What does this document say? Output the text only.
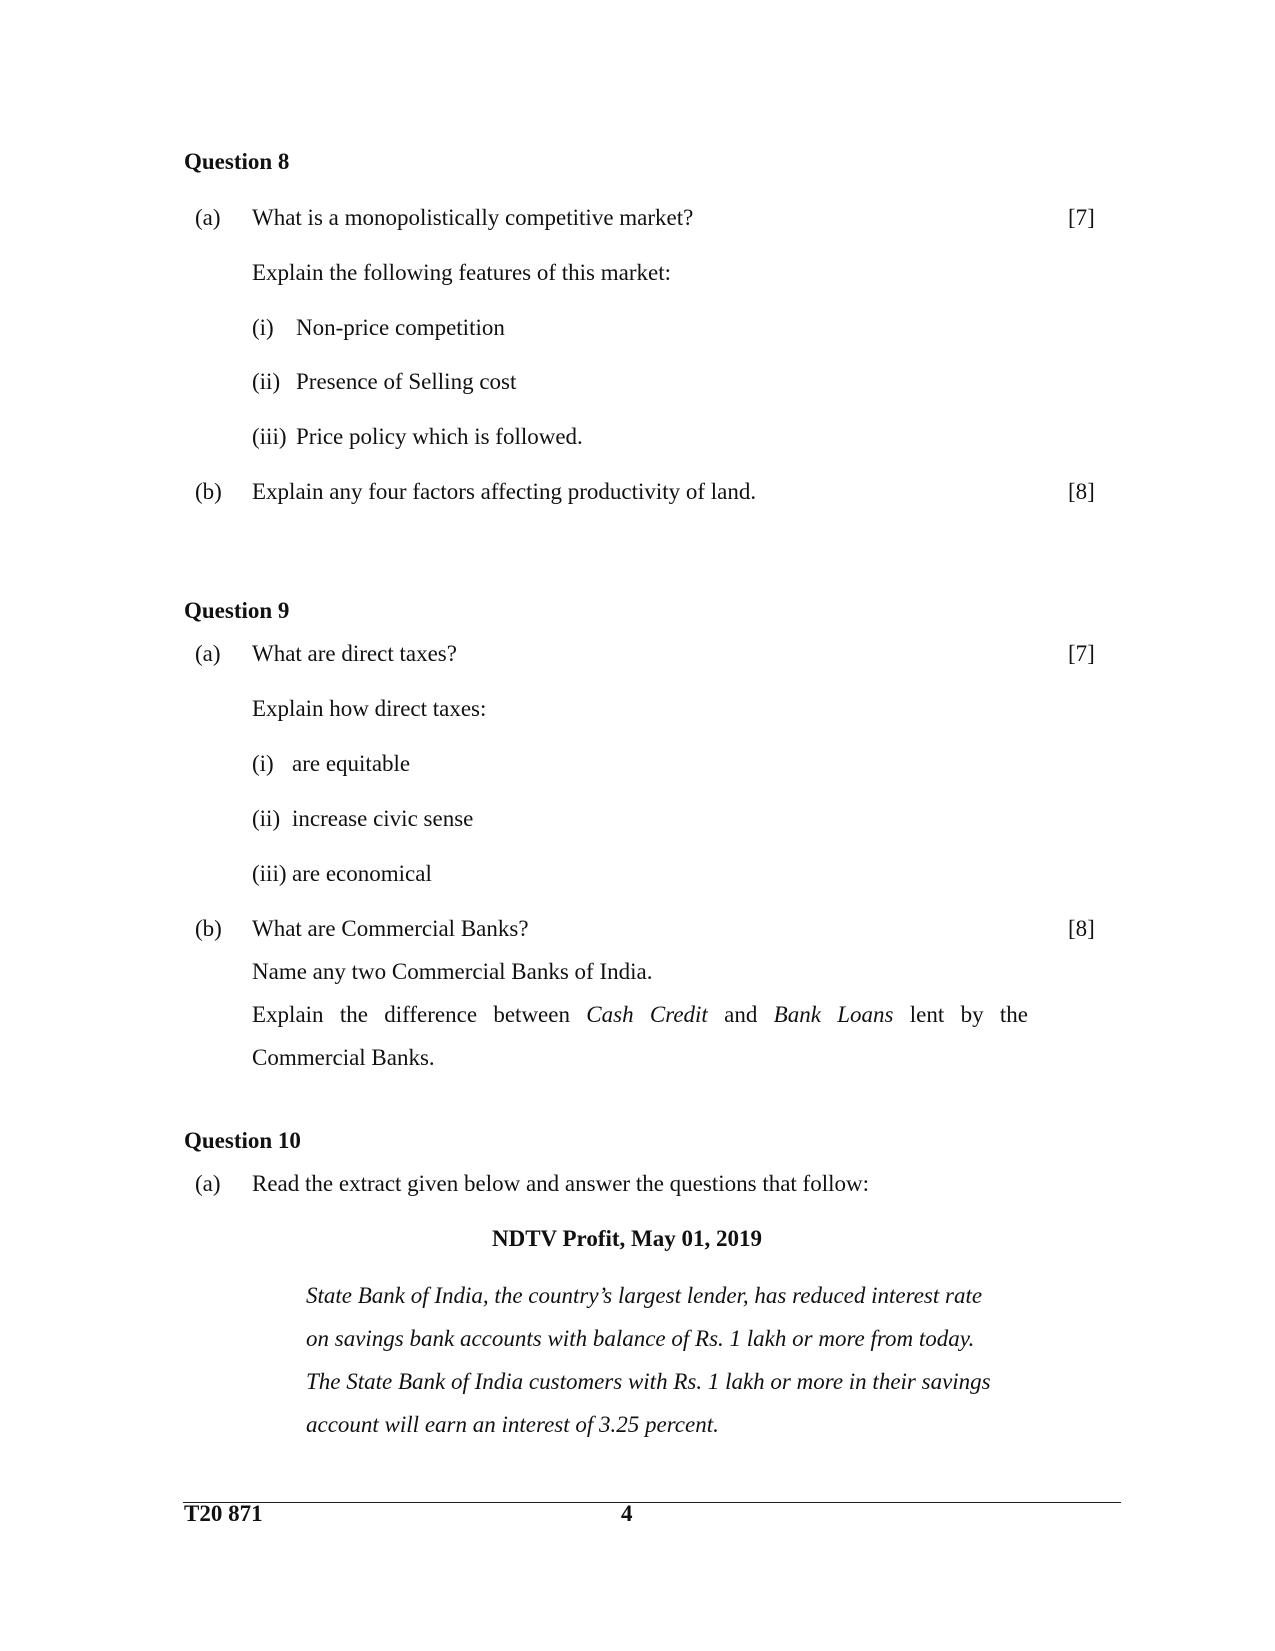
Question 8
(a) What is a monopolistically competitive market?	[7]
Explain the following features of this market:
(i) Non-price competition
(ii) Presence of Selling cost
(iii) Price policy which is followed.
(b) Explain any four factors affecting productivity of land.	[8]
Question 9
(a) What are direct taxes?	[7]
Explain how direct taxes:
(i) are equitable
(ii) increase civic sense
(iii) are economical
(b) What are Commercial Banks?	[8]
Name any two Commercial Banks of India.
Explain the difference between Cash Credit and Bank Loans lent by the
Commercial Banks.
Question 10
(a) Read the extract given below and answer the questions that follow:
NDTV Profit, May 01, 2019
State Bank of India, the country’s largest lender, has reduced interest rate
on savings bank accounts with balance of Rs. 1 lakh or more from today.
The State Bank of India customers with Rs. 1 lakh or more in their savings
account will earn an interest of 3.25 percent.
T20 871	4
